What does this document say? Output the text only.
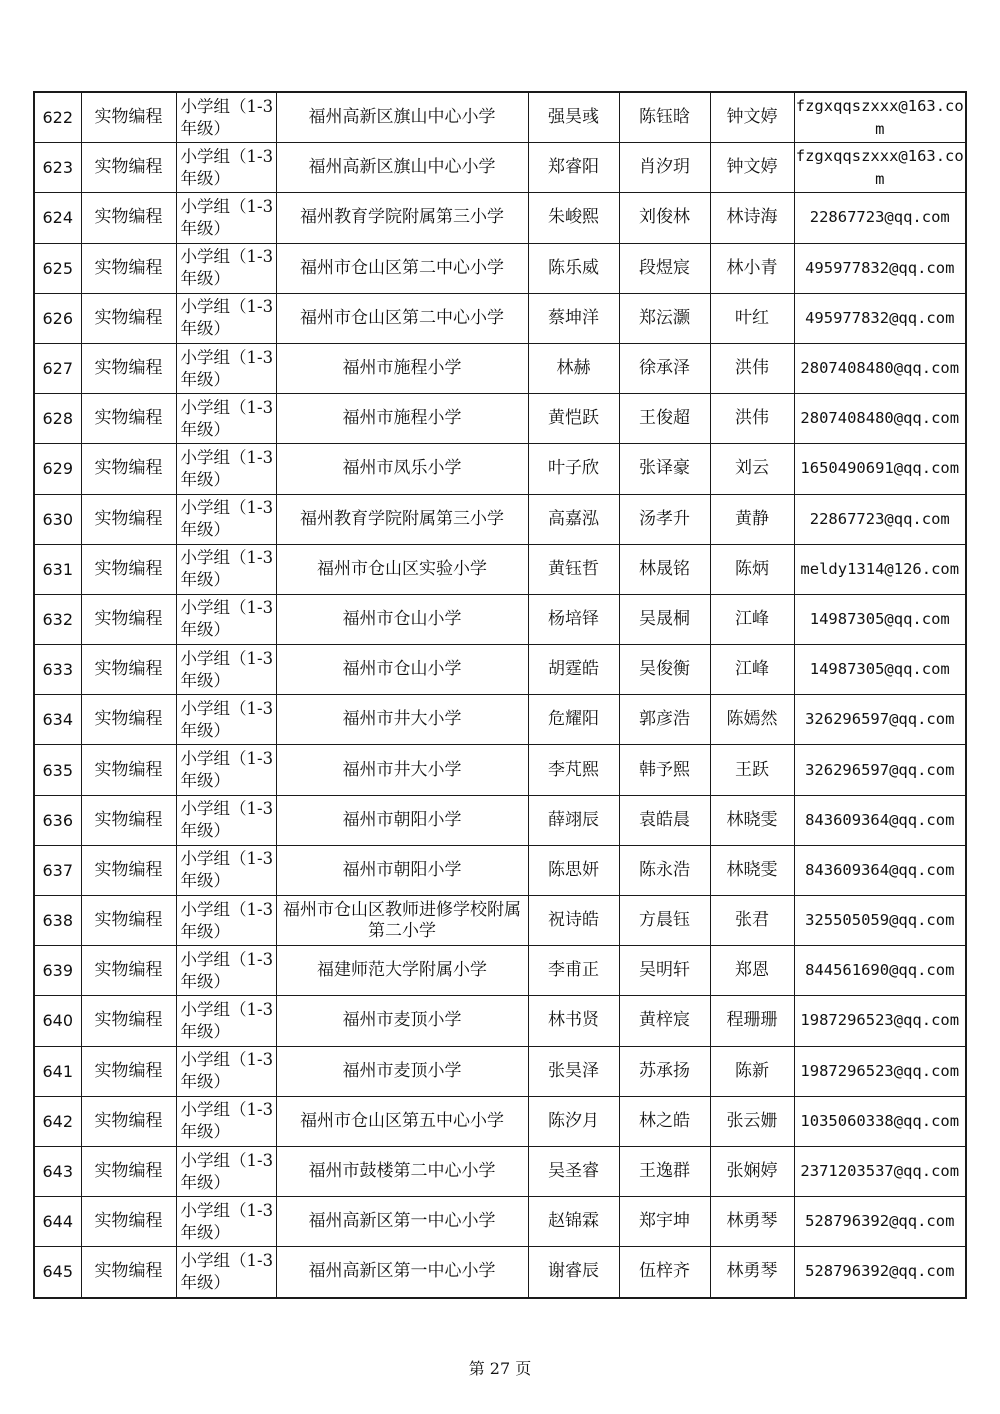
622	实物编程	小学组（1-3年级）	福州高新区旗山中心小学	强昊彧	陈钰晗	钟文婷	fzgxqqszxxx@163.com
623	实物编程	小学组（1-3年级）	福州高新区旗山中心小学	郑睿阳	肖汐玥	钟文婷	fzgxqqszxxx@163.com
624	实物编程	小学组（1-3年级）	福州教育学院附属第三小学	朱峻熙	刘俊林	林诗海	22867723@qq.com
625	实物编程	小学组（1-3年级）	福州市仓山区第二中心小学	陈乐威	段煜宸	林小青	495977832@qq.com
626	实物编程	小学组（1-3年级）	福州市仓山区第二中心小学	蔡坤洋	郑沄灏	叶红	495977832@qq.com
627	实物编程	小学组（1-3年级）	福州市施程小学	林赫	徐承泽	洪伟	2807408480@qq.com
628	实物编程	小学组（1-3年级）	福州市施程小学	黄恺跃	王俊超	洪伟	2807408480@qq.com
629	实物编程	小学组（1-3年级）	福州市凤乐小学	叶子欣	张译豪	刘云	1650490691@qq.com
630	实物编程	小学组（1-3年级）	福州教育学院附属第三小学	高嘉泓	汤孝升	黄静	22867723@qq.com
631	实物编程	小学组（1-3年级）	福州市仓山区实验小学	黄钰哲	林晟铭	陈炳	meldy1314@126.com
632	实物编程	小学组（1-3年级）	福州市仓山小学	杨培铎	吴晟桐	江峰	14987305@qq.com
633	实物编程	小学组（1-3年级）	福州市仓山小学	胡霆皓	吴俊衡	江峰	14987305@qq.com
634	实物编程	小学组（1-3年级）	福州市井大小学	危耀阳	郭彦浩	陈嫣然	326296597@qq.com
635	实物编程	小学组（1-3年级）	福州市井大小学	李芃熙	韩予熙	王跃	326296597@qq.com
636	实物编程	小学组（1-3年级）	福州市朝阳小学	薛翊辰	袁皓晨	林晓雯	843609364@qq.com
637	实物编程	小学组（1-3年级）	福州市朝阳小学	陈思妍	陈永浩	林晓雯	843609364@qq.com
638	实物编程	小学组（1-3年级）	福州市仓山区教师进修学校附属第二小学	祝诗皓	方晨钰	张君	325505059@qq.com
639	实物编程	小学组（1-3年级）	福建师范大学附属小学	李甫正	吴明轩	郑恩	844561690@qq.com
640	实物编程	小学组（1-3年级）	福州市麦顶小学	林书贤	黄梓宸	程珊珊	1987296523@qq.com
641	实物编程	小学组（1-3年级）	福州市麦顶小学	张昊泽	苏承扬	陈新	1987296523@qq.com
642	实物编程	小学组（1-3年级）	福州市仓山区第五中心小学	陈汐月	林之皓	张云姗	1035060338@qq.com
643	实物编程	小学组（1-3年级）	福州市鼓楼第二中心小学	吴圣睿	王逸群	张娴婷	2371203537@qq.com
644	实物编程	小学组（1-3年级）	福州高新区第一中心小学	赵锦霖	郑宇坤	林勇琴	528796392@qq.com
645	实物编程	小学组（1-3年级）	福州高新区第一中心小学	谢睿辰	伍梓齐	林勇琴	528796392@qq.com
第 27 页
